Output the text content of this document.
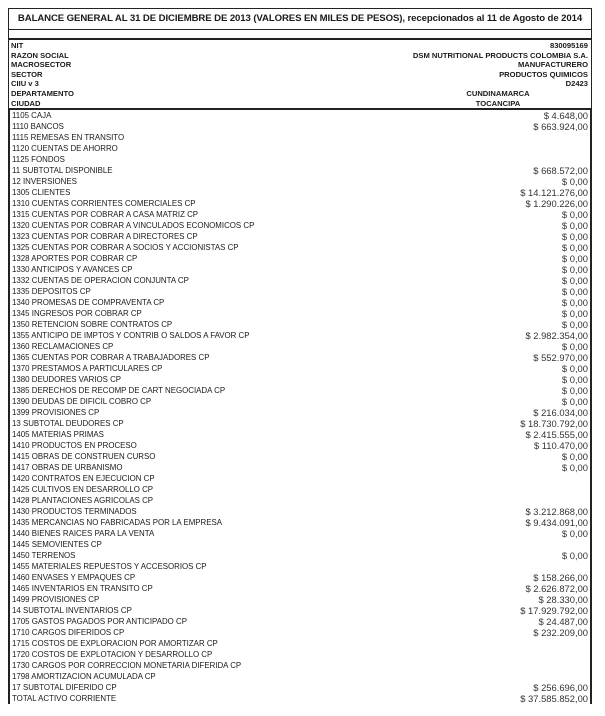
BALANCE GENERAL AL 31 DE DICIEMBRE DE 2013 (VALORES EN MILES DE PESOS), recepcionados al 11 de Agosto de 2014
NIT	830095169
RAZON SOCIAL	DSM NUTRITIONAL PRODUCTS COLOMBIA S.A.
MACROSECTOR	MANUFACTURERO
SECTOR	PRODUCTOS QUIMICOS
CIIU v 3	D2423
DEPARTAMENTO	CUNDINAMARCA
CIUDAD	TOCANCIPA
1105 CAJA	$ 4.648,00
1110 BANCOS	$ 663.924,00
1115 REMESAS EN TRANSITO
1120 CUENTAS DE AHORRO
1125 FONDOS
11 SUBTOTAL DISPONIBLE	$ 668.572,00
12 INVERSIONES	$ 0,00
1305 CLIENTES	$ 14.121.276,00
1310 CUENTAS CORRIENTES COMERCIALES CP	$ 1.290.226,00
1315 CUENTAS POR COBRAR A CASA MATRIZ CP	$ 0,00
1320 CUENTAS POR COBRAR A VINCULADOS ECONOMICOS CP	$ 0,00
1323 CUENTAS POR COBRAR A DIRECTORES CP	$ 0,00
1325 CUENTAS POR COBRAR A SOCIOS Y ACCIONISTAS CP	$ 0,00
1328 APORTES POR COBRAR CP	$ 0,00
1330 ANTICIPOS Y AVANCES CP	$ 0,00
1332 CUENTAS DE OPERACION CONJUNTA CP	$ 0,00
1335 DEPOSITOS CP	$ 0,00
1340 PROMESAS DE COMPRAVENTA CP	$ 0,00
1345 INGRESOS POR COBRAR CP	$ 0,00
1350 RETENCION SOBRE CONTRATOS CP	$ 0,00
1355 ANTICIPO DE IMPTOS Y CONTRIB O SALDOS A FAVOR CP	$ 2.982.354,00
1360 RECLAMACIONES CP	$ 0,00
1365 CUENTAS POR COBRAR A TRABAJADORES CP	$ 552.970,00
1370 PRESTAMOS A PARTICULARES CP	$ 0,00
1380 DEUDORES VARIOS CP	$ 0,00
1385 DERECHOS DE RECOMP DE CART NEGOCIADA CP	$ 0,00
1390 DEUDAS DE DIFICIL COBRO CP	$ 0,00
1399 PROVISIONES CP	$ 216.034,00
13 SUBTOTAL DEUDORES CP	$ 18.730.792,00
1405 MATERIAS PRIMAS	$ 2.415.555,00
1410 PRODUCTOS EN PROCESO	$ 110.470,00
1415 OBRAS DE CONSTRUEN CURSO	$ 0,00
1417 OBRAS DE URBANISMO	$ 0,00
1420 CONTRATOS EN EJECUCION CP
1425 CULTIVOS EN DESARROLLO CP
1428 PLANTACIONES AGRICOLAS CP
1430 PRODUCTOS TERMINADOS	$ 3.212.868,00
1435 MERCANCIAS NO FABRICADAS POR LA EMPRESA	$ 9.434.091,00
1440 BIENES RAICES PARA LA VENTA	$ 0,00
1445 SEMOVIENTES CP
1450 TERRENOS	$ 0,00
1455 MATERIALES REPUESTOS Y ACCESORIOS CP
1460 ENVASES Y EMPAQUES CP	$ 158.266,00
1465 INVENTARIOS EN TRANSITO CP	$ 2.626.872,00
1499 PROVISIONES CP	$ 28.330,00
14 SUBTOTAL INVENTARIOS CP	$ 17.929.792,00
1705 GASTOS PAGADOS POR ANTICIPADO CP	$ 24.487,00
1710 CARGOS DIFERIDOS CP	$ 232.209,00
1715 COSTOS DE EXPLORACION POR AMORTIZAR CP
1720 COSTOS DE EXPLOTACION Y DESARROLLO CP
1730 CARGOS POR CORRECCION MONETARIA DIFERIDA CP
1798 AMORTIZACION ACUMULADA CP
17 SUBTOTAL DIFERIDO CP	$ 256.696,00
TOTAL ACTIVO CORRIENTE	$ 37.585.852,00
